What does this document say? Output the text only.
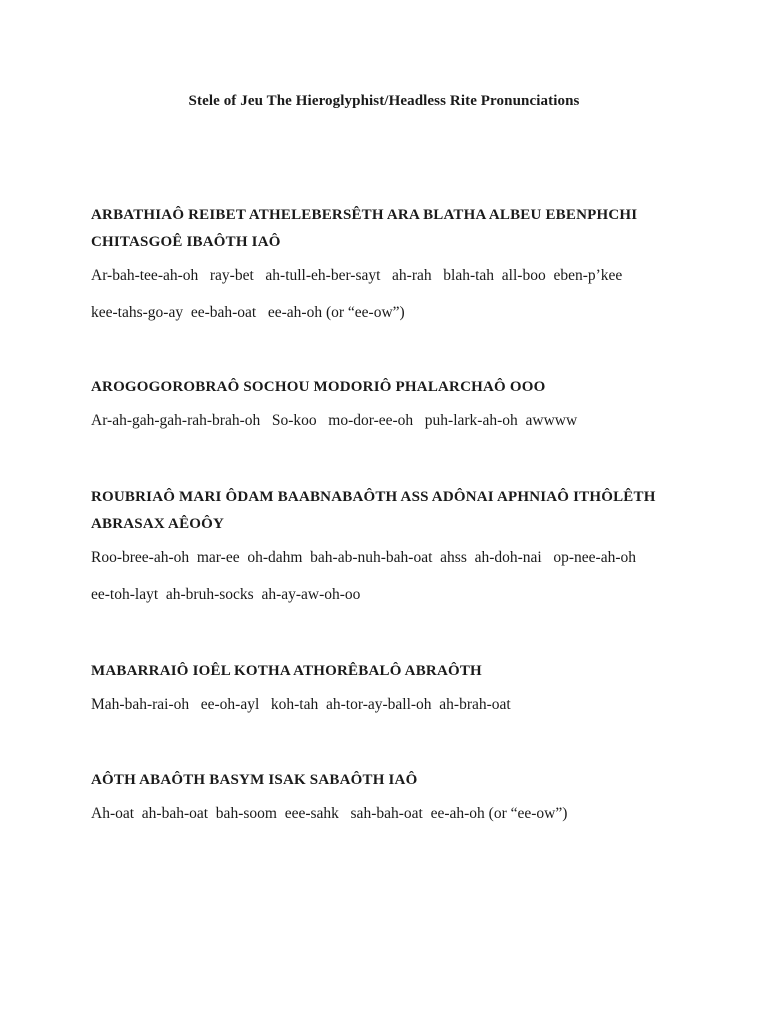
Stele of Jeu The Hieroglyphist/Headless Rite Pronunciations
ARBATHIAÔ REIBET ATHELEBERSÊTH ARA BLATHA ALBEU EBENPHCHI
CHITASGOÊ IBAÔTH IAÔ
Ar-bah-tee-ah-oh   ray-bet   ah-tull-eh-ber-sayt   ah-rah   blah-tah  all-boo  eben-p’kee
kee-tahs-go-ay  ee-bah-oat   ee-ah-oh (or “ee-ow”)
AROGOGOROBRAÔ SOCHOU MODORIÔ PHALARCHAÔ OOO
Ar-ah-gah-gah-rah-brah-oh   So-koo   mo-dor-ee-oh   puh-lark-ah-oh  awwww
ROUBRIAÔ MARI ÔDAM BAABNABAÔTH ASS ADÔNAI APHNIAÔ ITHÔLÊTH
ABRASAX AÊOÔY
Roo-bree-ah-oh  mar-ee  oh-dahm  bah-ab-nuh-bah-oat  ahss  ah-doh-nai   op-nee-ah-oh
ee-toh-layt  ah-bruh-socks  ah-ay-aw-oh-oo
MABARRAIÔ IOÊL KOTHA ATHORÊBALÔ ABRAÔTH
Mah-bah-rai-oh   ee-oh-ayl   koh-tah  ah-tor-ay-ball-oh  ah-brah-oat
AÔTH ABAÔTH BASYM ISAK SABAÔTH IAÔ
Ah-oat  ah-bah-oat  bah-soom  eee-sahk   sah-bah-oat  ee-ah-oh (or “ee-ow”)
